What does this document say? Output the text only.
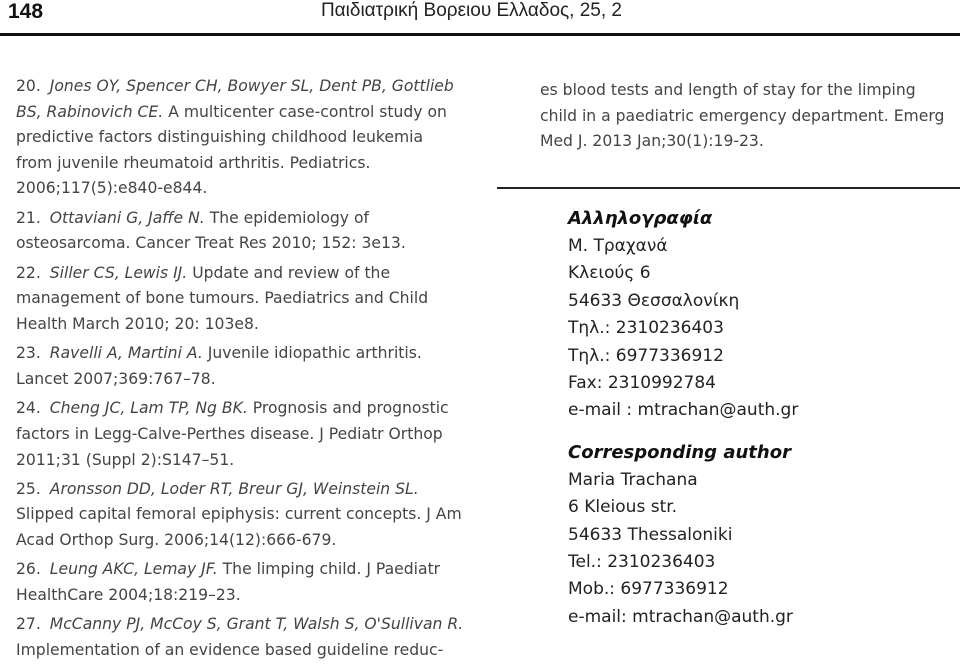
148	Παιδιατρική Βορειου Ελλαδος, 25, 2

20. Jones OY, Spencer CH, Bowyer SL, Dent PB, Gottlieb BS, Rabinovich CE. A multicenter case-control study on predictive factors distinguishing childhood leukemia from juvenile rheumatoid arthritis. Pediatrics. 2006;117(5):e840-e844.

21. Ottaviani G, Jaffe N. The epidemiology of osteosarcoma. Cancer Treat Res 2010; 152: 3e13.

22. Siller CS, Lewis IJ. Update and review of the management of bone tumours. Paediatrics and Child Health March 2010; 20: 103e8.

23. Ravelli A, Martini A. Juvenile idiopathic arthritis. Lancet 2007;369:767–78.

24. Cheng JC, Lam TP, Ng BK. Prognosis and prognostic factors in Legg-Calve-Perthes disease. J Pediatr Orthop 2011;31 (Suppl 2):S147–51.

25. Aronsson DD, Loder RT, Breur GJ, Weinstein SL. Slipped capital femoral epiphysis: current concepts. J Am Acad Orthop Surg. 2006;14(12):666-679.

26. Leung AKC, Lemay JF. The limping child. J Paediatr HealthCare 2004;18:219–23.

27. McCanny PJ, McCoy S, Grant T, Walsh S, O'Sullivan R. Implementation of an evidence based guideline reduc-

es blood tests and length of stay for the limping child in a paediatric emergency department. Emerg Med J. 2013 Jan;30(1):19-23.

Αλληλογραφία
Μ. Τραχανά
Κλειούς 6
54633 Θεσσαλονίκη
Τηλ.: 2310236403
Τηλ.: 6977336912
Fax: 2310992784
e-mail : mtrachan@auth.gr
Corresponding author
Maria Trachana
6 Kleious str.
54633 Thessaloniki
Tel.: 2310236403
Mob.: 6977336912
e-mail: mtrachan@auth.gr
